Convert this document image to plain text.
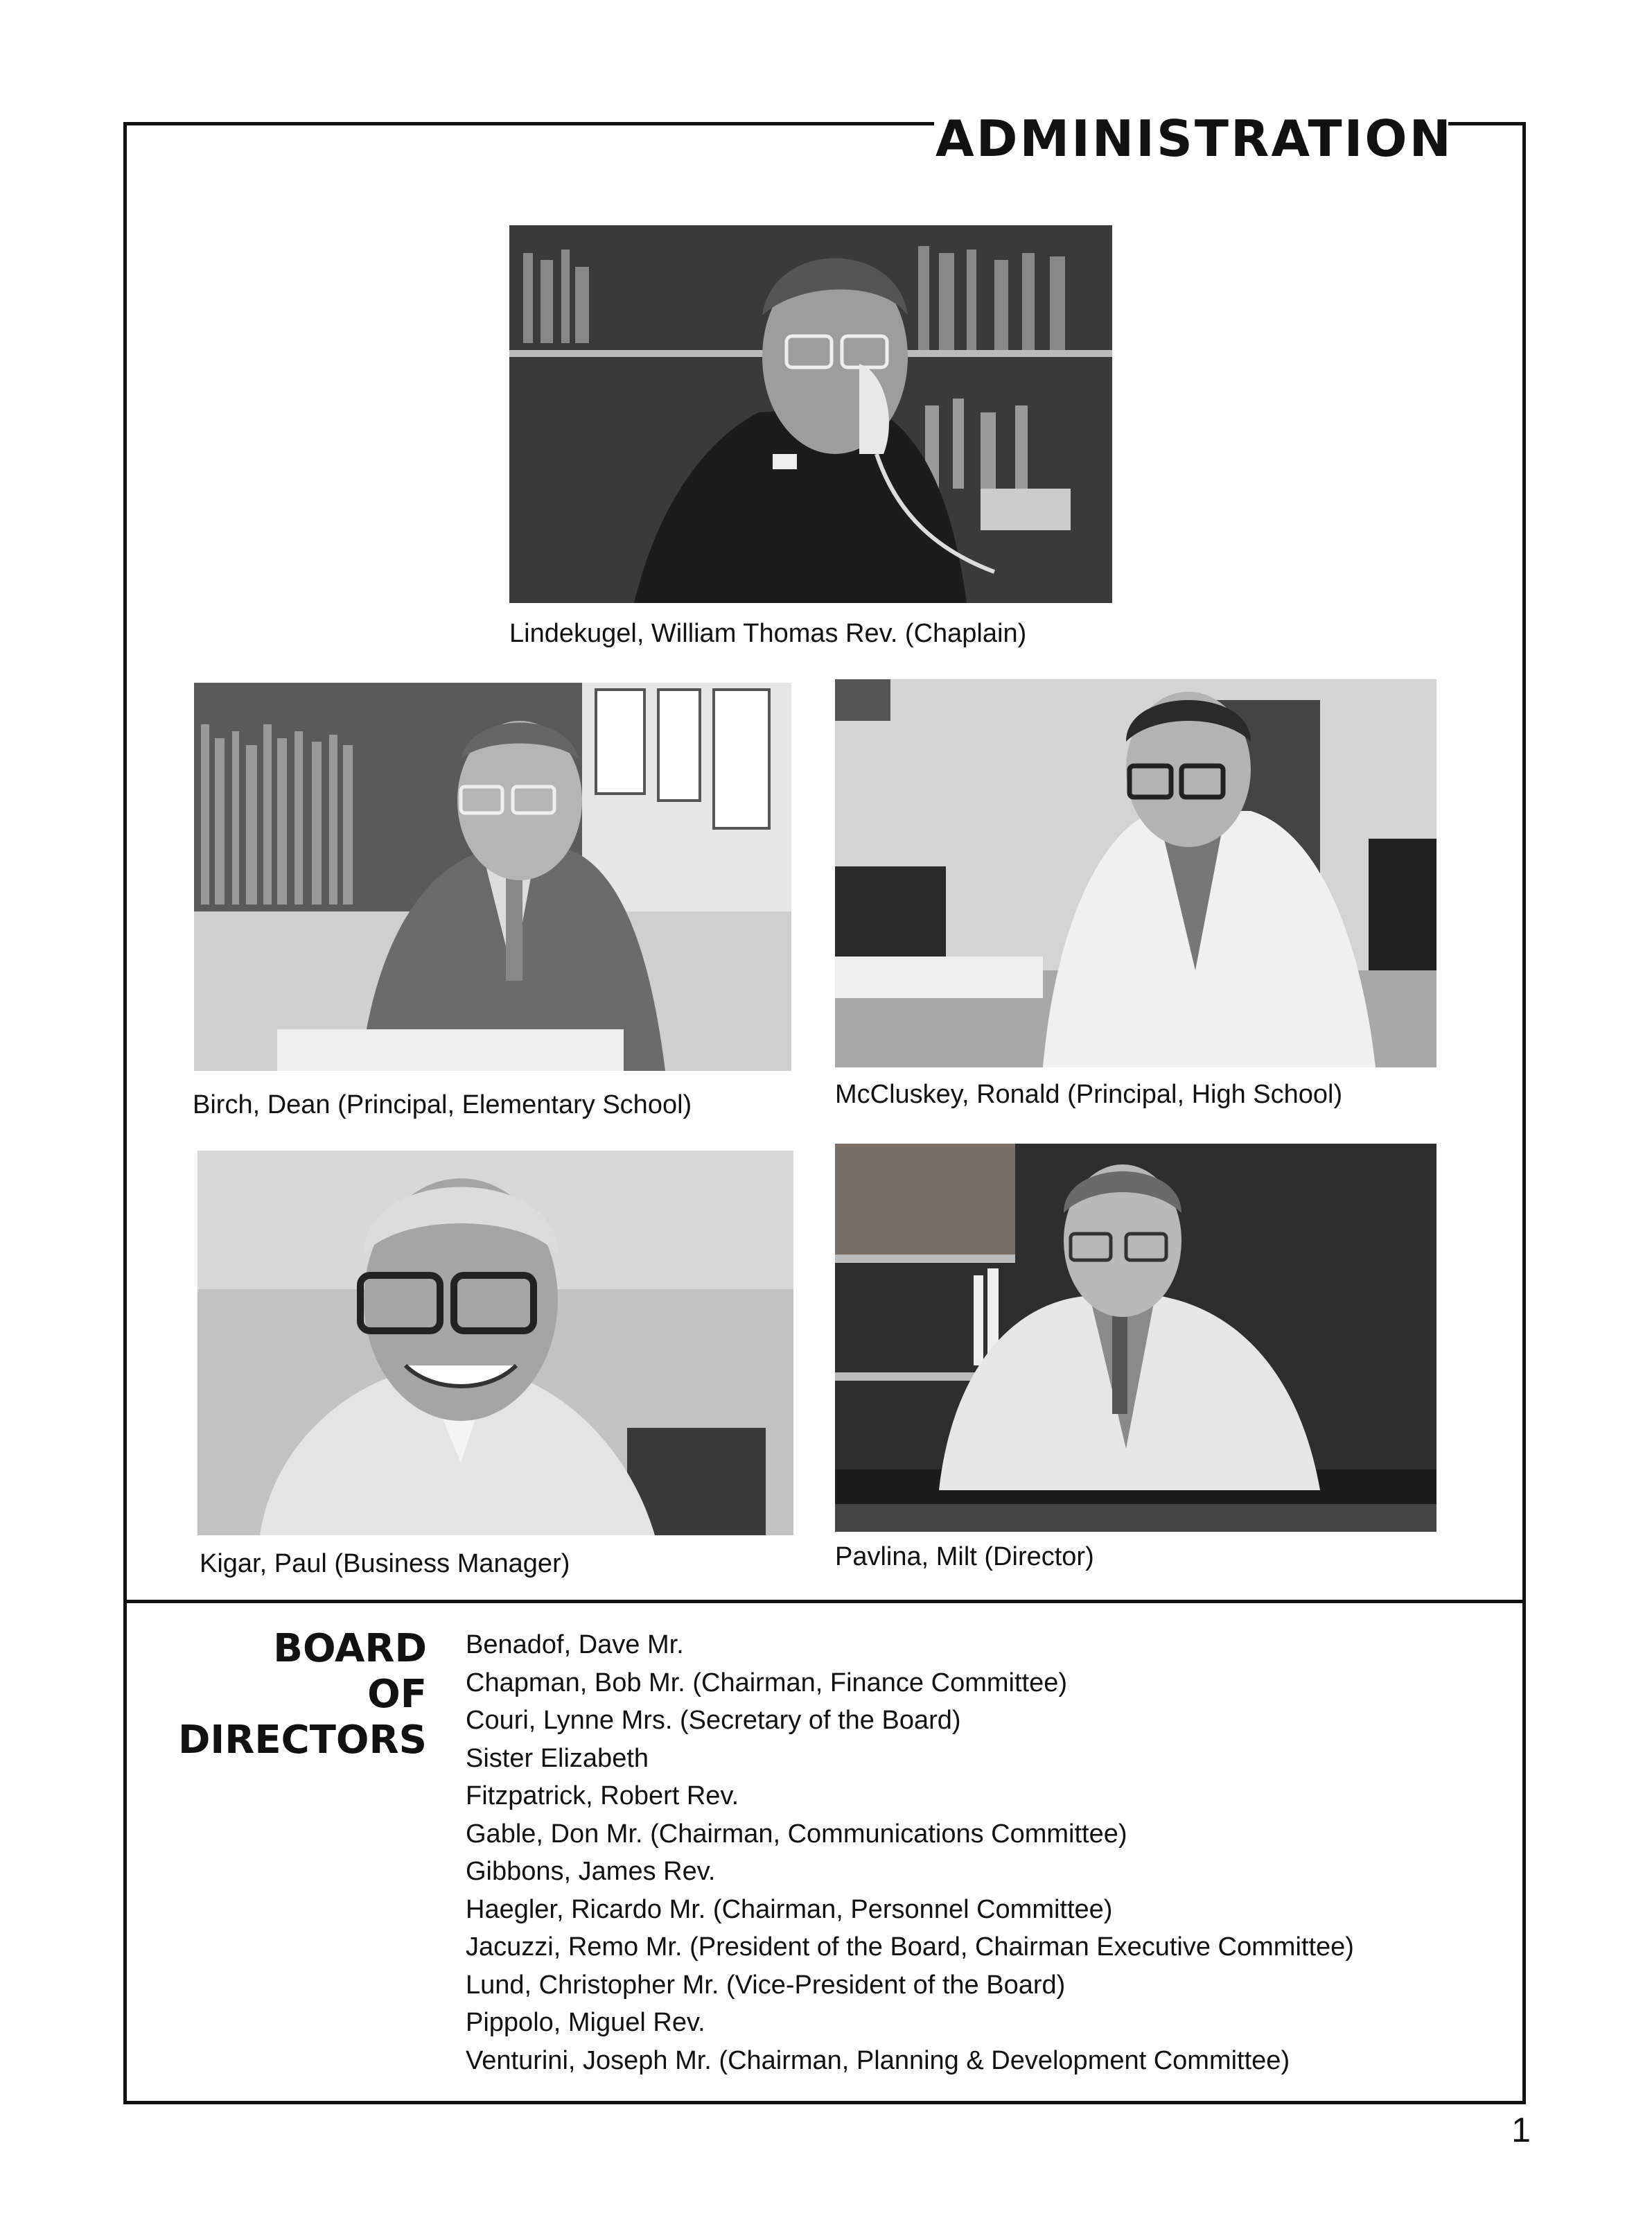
ADMINISTRATION
Lindekugel, William Thomas Rev. (Chaplain)
Birch, Dean (Principal, Elementary School)	McCluskey, Ronald (Principal, High School)
Kigar, Paul (Business Manager)	Pavlina, Milt (Director)
BOARD
OF
DIRECTORS
Benadof, Dave Mr.
Chapman, Bob Mr. (Chairman, Finance Committee)
Couri, Lynne Mrs. (Secretary of the Board)
Sister Elizabeth
Fitzpatrick, Robert Rev.
Gable, Don Mr. (Chairman, Communications Committee)
Gibbons, James Rev.
Haegler, Ricardo Mr. (Chairman, Personnel Committee)
Jacuzzi, Remo Mr. (President of the Board, Chairman Executive Committee)
Lund, Christopher Mr. (Vice-President of the Board)
Pippolo, Miguel Rev.
Venturini, Joseph Mr. (Chairman, Planning & Development Committee)
1
